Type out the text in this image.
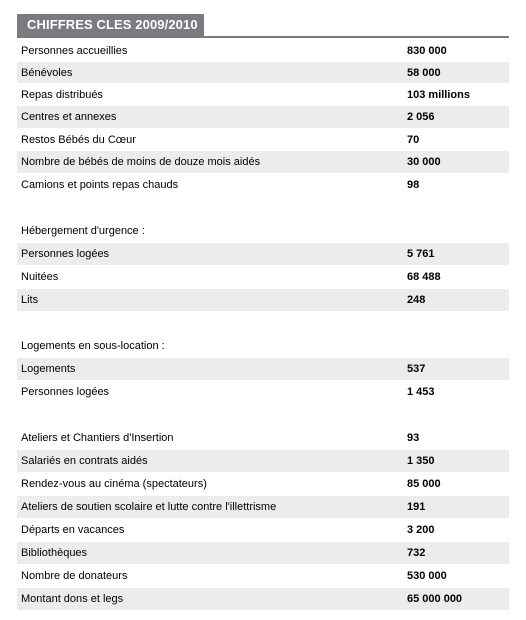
CHIFFRES CLES 2009/2010
Personnes accueillies	830 000
Bénévoles	58 000
Repas distribués	103 millions
Centres et annexes	2 056
Restos Bébés du Cœur	70
Nombre de bébés de moins de douze mois aidés	30 000
Camions et points repas chauds	98
Hébergement d'urgence :
Personnes logées	5 761
Nuitées	68 488
Lits	248
Logements en sous-location :
Logements	537
Personnes logées	1 453
Ateliers et Chantiers d'Insertion	93
Salariés en contrats aidés	1 350
Rendez-vous au cinéma (spectateurs)	85 000
Ateliers de soutien scolaire et lutte contre l'illettrisme	191
Départs en vacances	3 200
Bibliothèques	732
Nombre de donateurs	530 000
Montant dons et legs	65 000 000
